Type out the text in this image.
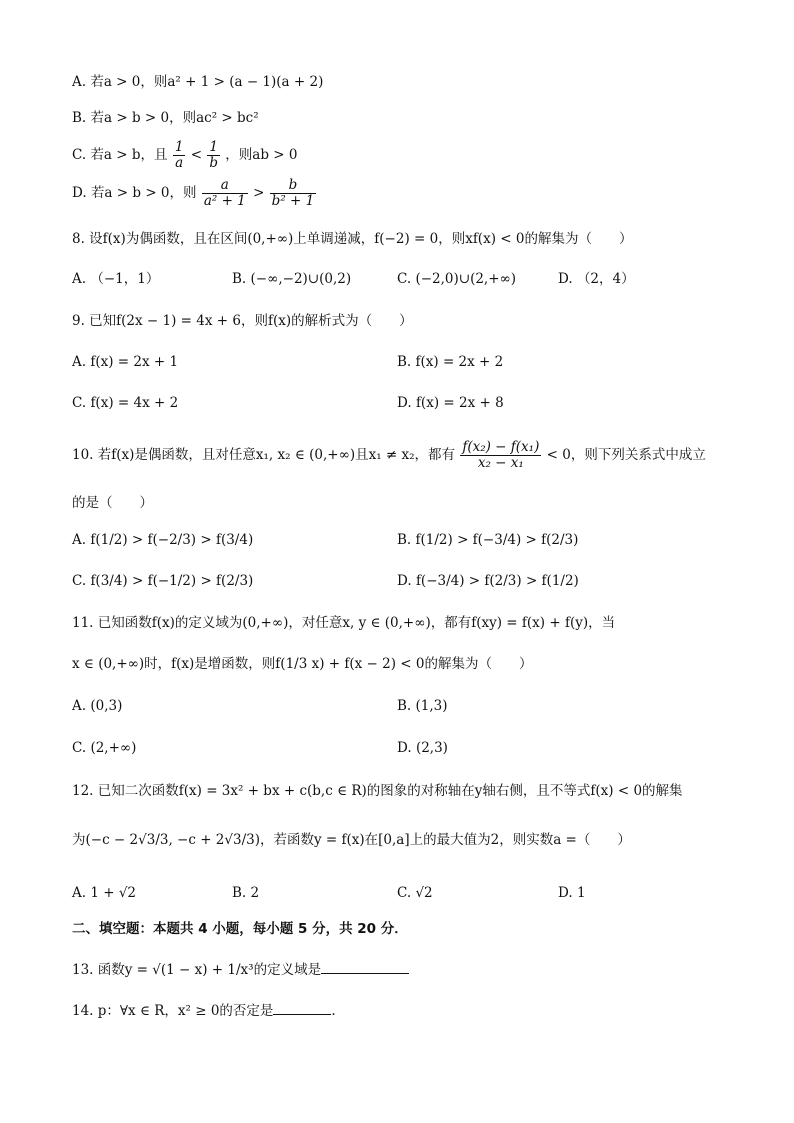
A. 若a > 0，则a² + 1 > (a − 1)(a + 2)
B. 若a > b > 0，则ac² > bc²
C. 若a > b，且 $\frac{1}{a} < \frac{1}{b}$ ，则ab > 0
D. 若a > b > 0，则 $\frac{a}{\text{a² + 1}} > \frac{b}{\text{b² + 1}}$
8. 设f(x)为偶函数，且在区间(0,+∞)上单调递减，f(−2) = 0，则xf(x) < 0的解集为（　　）
A. （−1，1）	B. (−∞,−2)∪(0,2)	C. (−2,0)∪(2,+∞)	D. （2，4）
9. 已知f(2x − 1) = 4x + 6，则f(x)的解析式为（　　）
A. f(x) = 2x + 1	B. f(x) = 2x + 2
C. f(x) = 4x + 2	D. f(x) = 2x + 8
10. 若f(x)是偶函数，且对任意x₁, x₂ ∈ (0,+∞)且x₁ ≠ x₂，都有 $\frac{\text{f(x₂) − f(x₁)}}{\text{x₂ − x₁}} < 0$，则下列关系式中成立
的是（　　）
A. f(1/2) > f(−2/3) > f(3/4)	B. f(1/2) > f(−3/4) > f(2/3)
C. f(3/4) > f(−1/2) > f(2/3)	D. f(−3/4) > f(2/3) > f(1/2)
11. 已知函数f(x)的定义域为(0,+∞)，对任意x, y ∈ (0,+∞)，都有f(xy) = f(x) + f(y)，当
x ∈ (0,+∞)时，f(x)是增函数，则f(1/3 x) + f(x − 2) < 0的解集为（　　）
A. (0,3)	B. (1,3)
C. (2,+∞)	D. (2,3)
12. 已知二次函数f(x) = 3x² + bx + c(b,c ∈ R)的图象的对称轴在y轴右侧，且不等式f(x) < 0的解集
为(−c − 2√3/3, −c + 2√3/3)，若函数y = f(x)在[0,a]上的最大值为2，则实数a =（　　）
A. 1 + √2	B. 2	C. √2	D. 1
二、填空题：本题共 4 小题，每小题 5 分，共 20 分．
13. 函数y = √(1 − x) + 1/x³的定义域是
14. p：∀x ∈ R，x² ≥ 0的否定是	.
